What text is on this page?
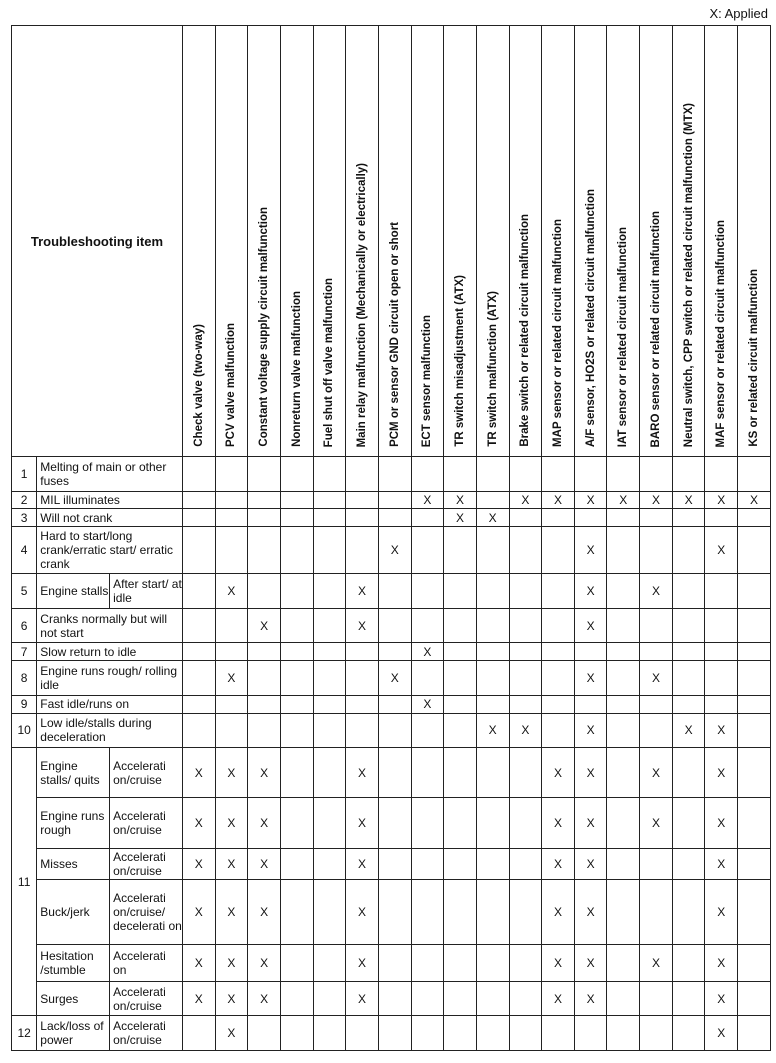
X: Applied
Troubleshooting item			Check valve (two-way)	PCV valve malfunction	Constant voltage supply circuit malfunction	Nonreturn valve malfunction	Fuel shut off valve malfunction	Main relay malfunction (Mechanically or electrically)	PCM or sensor GND circuit open or short	ECT sensor malfunction	TR switch misadjustment (ATX)	TR switch malfunction (ATX)	Brake switch or related circuit malfunction	MAP sensor or related circuit malfunction	A/F sensor, HO2S or related circuit malfunction	IAT sensor or related circuit malfunction	BARO sensor or related circuit malfunction	Neutral switch, CPP switch or related circuit malfunction (MTX)	MAF sensor or related circuit malfunction	KS or related circuit malfunction
1	Melting of main or other fuses																			
2	MIL illuminates									X	X		X	X	X	X	X	X	X	X
3	Will not crank										X	X								
4	Hard to start/long crank/erratic start/ erratic crank								X						X				X	
5	Engine stalls	After start/ at idle		X				X							X		X			
6	Cranks normally but will not start				X			X							X					
7	Slow return to idle									X										
8	Engine runs rough/ rolling idle			X					X						X		X			
9	Fast idle/runs on									X										
10	Low idle/stalls during deceleration											X	X		X			X	X	
11	Engine stalls/ quits	Accelerati on/cruise	X	X	X			X						X	X		X		X	
	Engine runs rough	Accelerati on/cruise	X	X	X			X						X	X		X		X	
	Misses	Accelerati on/cruise	X	X	X			X						X	X				X	
	Buck/jerk	Accelerati on/cruise/ decelerati on	X	X	X			X						X	X				X	
	Hesitation /stumble	Accelerati on	X	X	X			X						X	X		X		X	
	Surges	Accelerati on/cruise	X	X	X			X						X	X				X	
12	Lack/loss of power	Accelerati on/cruise		X															X	
